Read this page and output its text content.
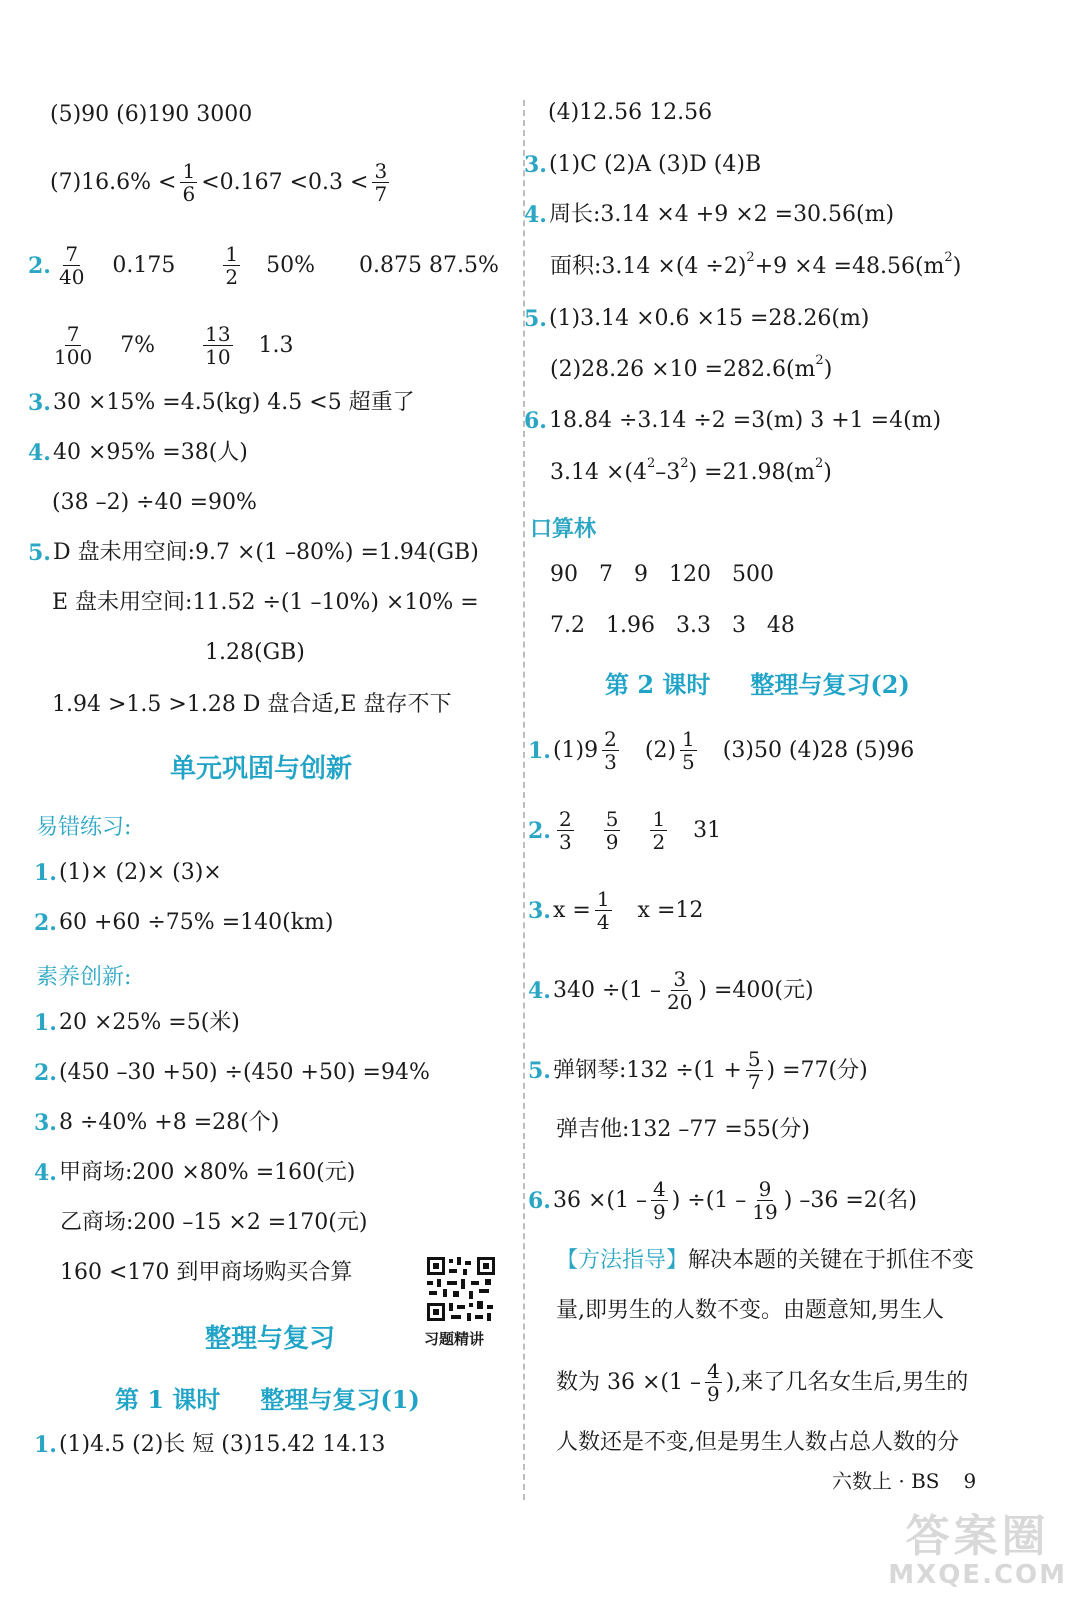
(5)90 (6)190 3000
$(7)16.6\% < \frac{1}{6} <0.167 <0.3 < \frac{3}{7}$
2. $\frac{7}{40} 0.175 \frac{1}{2} 50\%$ 0.875 87.5%
$\frac{7}{100} 7\% \frac{13}{10} 1.3$
3. 30 ×15% =4.5(kg) 4.5 <5 超重了
4. 40 ×95% =38(人)
(38 –2) ÷40 =90%
5. D 盘未用空间:9.7 ×(1 –80%) =1.94(GB)
E 盘未用空间:11.52 ÷(1 –10%) ×10% =
1.28(GB)
1.94 >1.5 >1.28 D 盘合适,E 盘存不下
单元巩固与创新
易错练习:
1. (1)× (2)× (3)×
2. 60 +60 ÷75% =140(km)
素养创新:
1. 20 ×25% =5(米)
2. (450 –30 +50) ÷(450 +50) =94%
3. 8 ÷40% +8 =28(个)
4. 甲商场:200 ×80% =160(元)
乙商场:200 –15 ×2 =170(元)
160 <170 到甲商场购买合算
习题精讲
整理与复习
第 1 课时 整理与复习(1)
1. (1)4.5 (2)长 短 (3)15.42 14.13
(4)12.56 12.56
3. (1)C (2)A (3)D (4)B
4. 周长:3.14 ×4 +9 ×2 =30.56(m)
面积:3.14 ×(4 ÷2) 2 +9 ×4 =48.56(m 2 )
5. (1)3.14 ×0.6 ×15 =28.26(m)
(2)28.26 ×10 =282.6(m 2 )
6. 18.84 ÷3.14 ÷2 =3(m) 3 +1 =4(m)
3.14 ×(4 2 –3 2 ) =21.98(m 2 )
口算林
90 7 9 120 500
7.2 1.96 3.3 3 48
第 2 课时 整理与复习(2)
1. $(1)9 \frac{2}{3} (2) \frac{1}{5} (3)50$ (4)28 (5)96
2. $\frac{2}{3} \frac{5}{9} \frac{1}{2} 31$
3. $x = \frac{1}{4}$ x =12
4. $340 \div(1 - \frac{3}{20}$ ) =400(元)
5. 弹钢琴:132 $\div(1 + \frac{5}{7}$ ) =77(分)
弹吉他:132 –77 =55(分)
6. $36 \times(1 - \frac{4}{9}$ ) $\div(1 - \frac{9}{19}$ ) –36 =2(名)
【方法指导】 解决本题的关键在于抓住不变
量,即男生的人数不变。由题意知,男生人
数为 $36 \times(1 - \frac{4}{9}$ ),来了几名女生后,男生的
人数还是不变,但是男生人数占总人数的分
六数上 · BS 9
答案圈
MXQE.COM
